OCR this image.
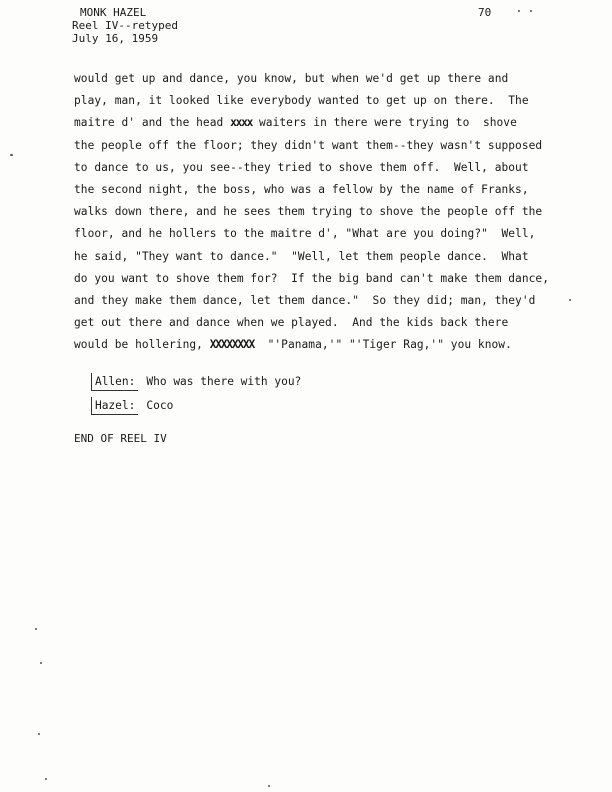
MONK HAZEL
Reel IV--retyped
July 16, 1959
70
would get up and dance, you know, but when we'd get up there and
play, man, it looked like everybody wanted to get up on there.  The
maitre d' and the head xxxx waiters in there were trying to  shove
the people off the floor; they didn't want them--they wasn't supposed
to dance to us, you see--they tried to shove them off.  Well, about
the second night, the boss, who was a fellow by the name of Franks,
walks down there, and he sees them trying to shove the people off the
floor, and he hollers to the maitre d', "What are you doing?"  Well,
he said, "They want to dance."  "Well, let them people dance.  What
do you want to shove them for?  If the big band can't make them dance,
and they make them dance, let them dance."  So they did; man, they'd
get out there and dance when we played.  And the kids back there
would be hollering, XXXXXXXX  "'Panama,'" "'Tiger Rag,'" you know.

Allen: Who was there with you?

Hazel: Coco

END OF REEL IV
